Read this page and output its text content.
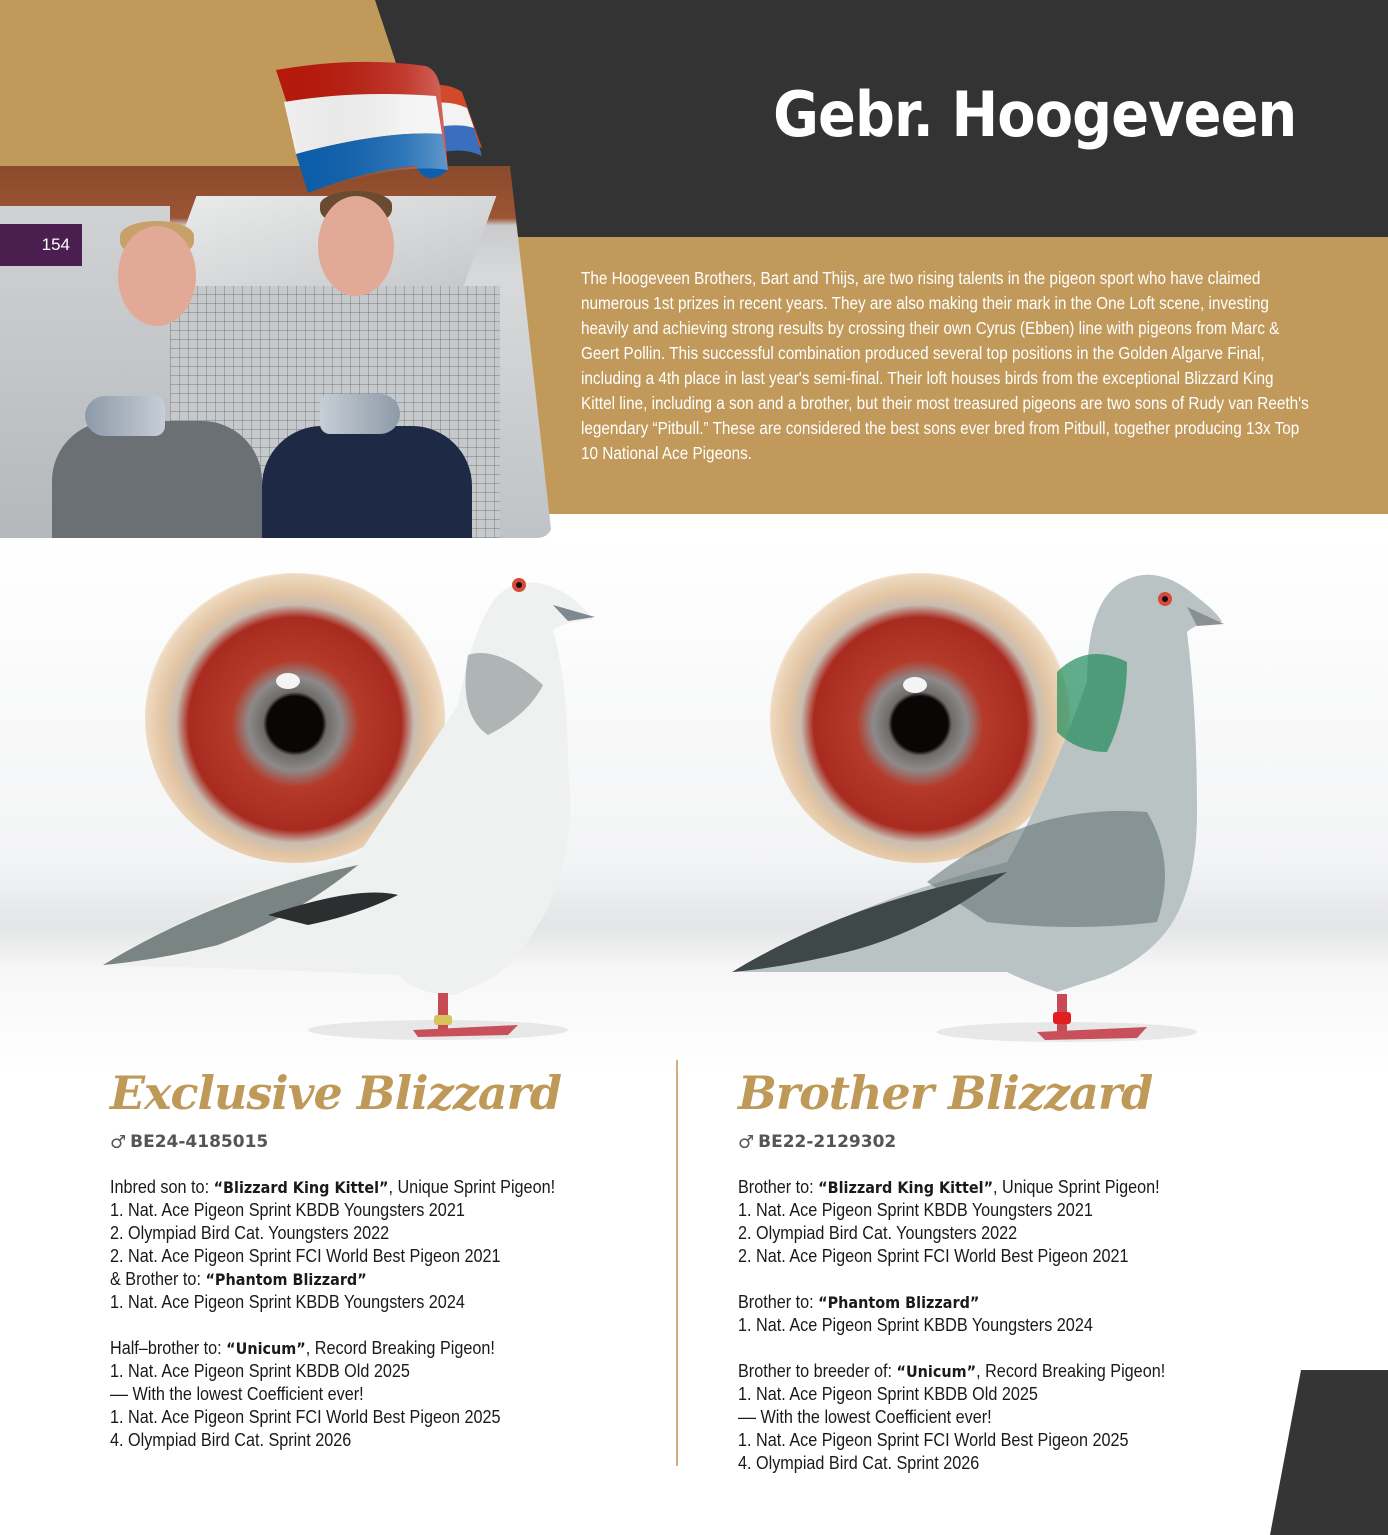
Gebr. Hoogeveen
154

The Hoogeveen Brothers, Bart and Thijs, are two rising talents in the pigeon sport who have claimed numerous 1st prizes in recent years. They are also making their mark in the One Loft scene, investing heavily and achieving strong results by crossing their own Cyrus (Ebben) line with pigeons from Marc & Geert Pollin. This successful combination produced several top positions in the Golden Algarve Final, including a 4th place in last year's semi-final. Their loft houses birds from the exceptional Blizzard King Kittel line, including a son and a brother, but their most treasured pigeons are two sons of Rudy van Reeth's legendary “Pitbull.” These are considered the best sons ever bred from Pitbull, together producing 13x Top 10 National Ace Pigeons.

Exclusive Blizzard
♂ BE24-4185015
Inbred son to: “Blizzard King Kittel”, Unique Sprint Pigeon!
1. Nat. Ace Pigeon Sprint KBDB Youngsters 2021
2. Olympiad Bird Cat. Youngsters 2022
2. Nat. Ace Pigeon Sprint FCI World Best Pigeon 2021
& Brother to: “Phantom Blizzard”
1. Nat. Ace Pigeon Sprint KBDB Youngsters 2024
Half–brother to: “Unicum”, Record Breaking Pigeon!
1. Nat. Ace Pigeon Sprint KBDB Old 2025
–– With the lowest Coefficient ever!
1. Nat. Ace Pigeon Sprint FCI World Best Pigeon 2025
4. Olympiad Bird Cat. Sprint 2026
Brother Blizzard
♂ BE22-2129302
Brother to: “Blizzard King Kittel”, Unique Sprint Pigeon!
1. Nat. Ace Pigeon Sprint KBDB Youngsters 2021
2. Olympiad Bird Cat. Youngsters 2022
2. Nat. Ace Pigeon Sprint FCI World Best Pigeon 2021
Brother to: “Phantom Blizzard”
1. Nat. Ace Pigeon Sprint KBDB Youngsters 2024
Brother to breeder of: “Unicum”, Record Breaking Pigeon!
1. Nat. Ace Pigeon Sprint KBDB Old 2025
–– With the lowest Coefficient ever!
1. Nat. Ace Pigeon Sprint FCI World Best Pigeon 2025
4. Olympiad Bird Cat. Sprint 2026
